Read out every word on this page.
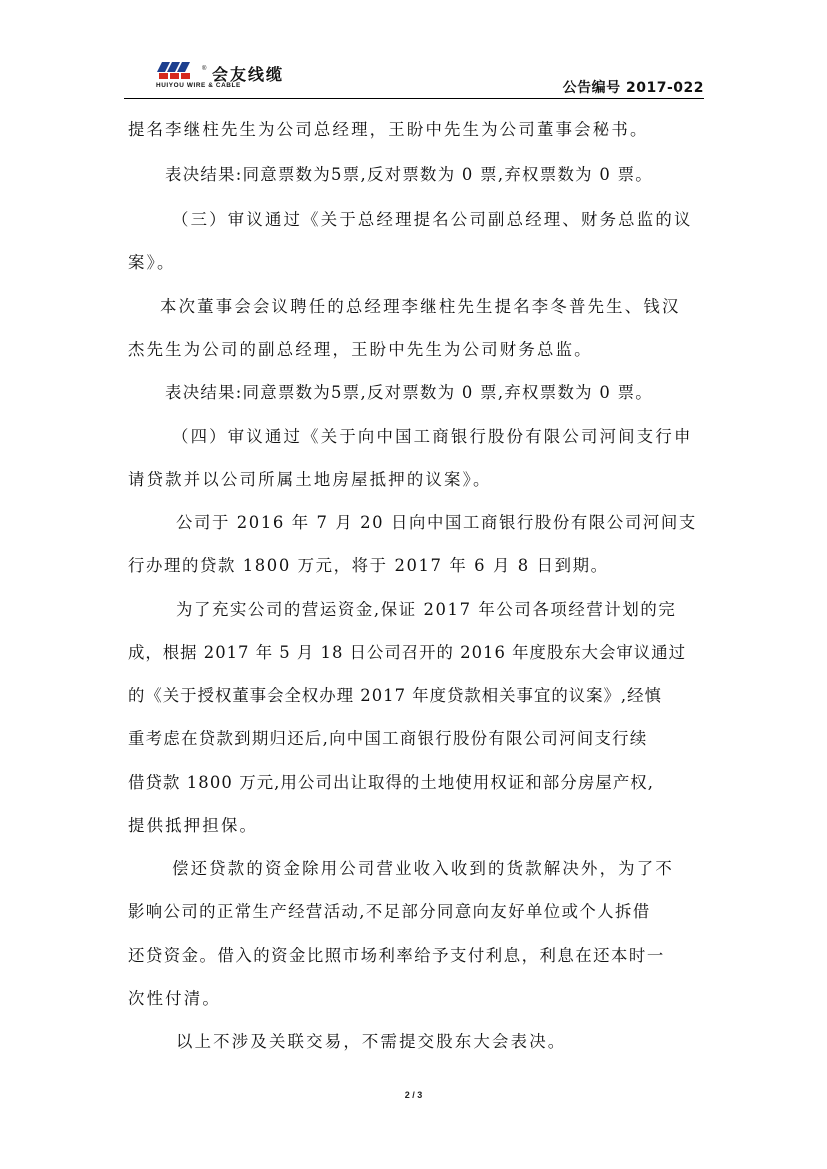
® 会友线缆
HUIYOU WIRE & CABLE	公告编号 2017-022
提名李继柱先生为公司总经理，王盼中先生为公司董事会秘书。
表决结果:同意票数为5票,反对票数为 0 票,弃权票数为 0 票。
（三）审议通过《关于总经理提名公司副总经理、财务总监的议
案》。
本次董事会会议聘任的总经理李继柱先生提名李冬普先生、钱汉
杰先生为公司的副总经理，王盼中先生为公司财务总监。
表决结果:同意票数为5票,反对票数为 0 票,弃权票数为 0 票。
（四）审议通过《关于向中国工商银行股份有限公司河间支行申
请贷款并以公司所属土地房屋抵押的议案》。
公司于 2016 年 7 月 20 日向中国工商银行股份有限公司河间支
行办理的贷款 1800 万元，将于 2017 年 6 月 8 日到期。
为了充实公司的营运资金,保证 2017 年公司各项经营计划的完
成，根据 2017 年 5 月 18 日公司召开的 2016 年度股东大会审议通过
的《关于授权董事会全权办理 2017 年度贷款相关事宜的议案》,经慎
重考虑在贷款到期归还后,向中国工商银行股份有限公司河间支行续
借贷款 1800 万元,用公司出让取得的土地使用权证和部分房屋产权,
提供抵押担保。
偿还贷款的资金除用公司营业收入收到的货款解决外，为了不
影响公司的正常生产经营活动,不足部分同意向友好单位或个人拆借
还贷资金。借入的资金比照市场利率给予支付利息，利息在还本时一
次性付清。
以上不涉及关联交易，不需提交股东大会表决。
2 / 3
